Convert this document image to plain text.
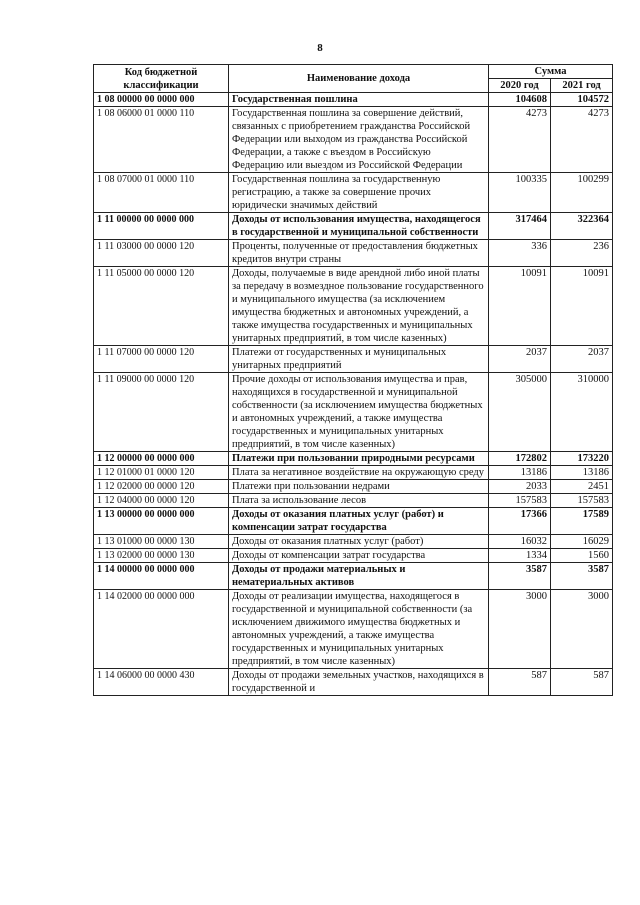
8
Код бюджетной классификации	Наименование дохода	Сумма	
		2020 год	2021 год
1 08 00000 00 0000 000	Государственная пошлина	104608	104572
1 08 06000 01 0000 110	Государственная пошлина за совершение действий, связанных с приобретением гражданства Российской Федерации или выходом из гражданства Российской Федерации, а также с въездом в Российскую Федерацию или выездом из Российской Федерации	4273	4273
1 08 07000 01 0000 110	Государственная пошлина за государственную регистрацию, а также за совершение прочих юридически значимых действий	100335	100299
1 11 00000 00 0000 000	Доходы от использования имущества, находящегося в государственной и муниципальной собственности	317464	322364
1 11 03000 00 0000 120	Проценты, полученные от предоставления бюджетных кредитов внутри страны	336	236
1 11 05000 00 0000 120	Доходы, получаемые в виде арендной либо иной платы за передачу в возмездное пользование государственного и муниципального имущества (за исключением имущества бюджетных и автономных учреждений, а также имущества государственных и муниципальных унитарных предприятий, в том числе казенных)	10091	10091
1 11 07000 00 0000 120	Платежи от государственных и муниципальных унитарных предприятий	2037	2037
1 11 09000 00 0000 120	Прочие доходы от использования имущества и прав, находящихся в государственной и муниципальной собственности (за исключением имущества бюджетных и автономных учреждений, а также имущества государственных и муниципальных унитарных предприятий, в том числе казенных)	305000	310000
1 12 00000 00 0000 000	Платежи при пользовании природными ресурсами	172802	173220
1 12 01000 01 0000 120	Плата за негативное воздействие на окружающую среду	13186	13186
1 12 02000 00 0000 120	Платежи при пользовании недрами	2033	2451
1 12 04000 00 0000 120	Плата за использование лесов	157583	157583
1 13 00000 00 0000 000	Доходы от оказания платных услуг (работ) и компенсации затрат государства	17366	17589
1 13 01000 00 0000 130	Доходы от оказания платных услуг (работ)	16032	16029
1 13 02000 00 0000 130	Доходы от компенсации затрат государства	1334	1560
1 14 00000 00 0000 000	Доходы от продажи материальных и нематериальных активов	3587	3587
1 14 02000 00 0000 000	Доходы от реализации имущества, находящегося в государственной и муниципальной собственности (за исключением движимого имущества бюджетных и автономных учреждений, а также имущества государственных и муниципальных унитарных предприятий, в том числе казенных)	3000	3000
1 14 06000 00 0000 430	Доходы от продажи земельных участков, находящихся в государственной и	587	587
